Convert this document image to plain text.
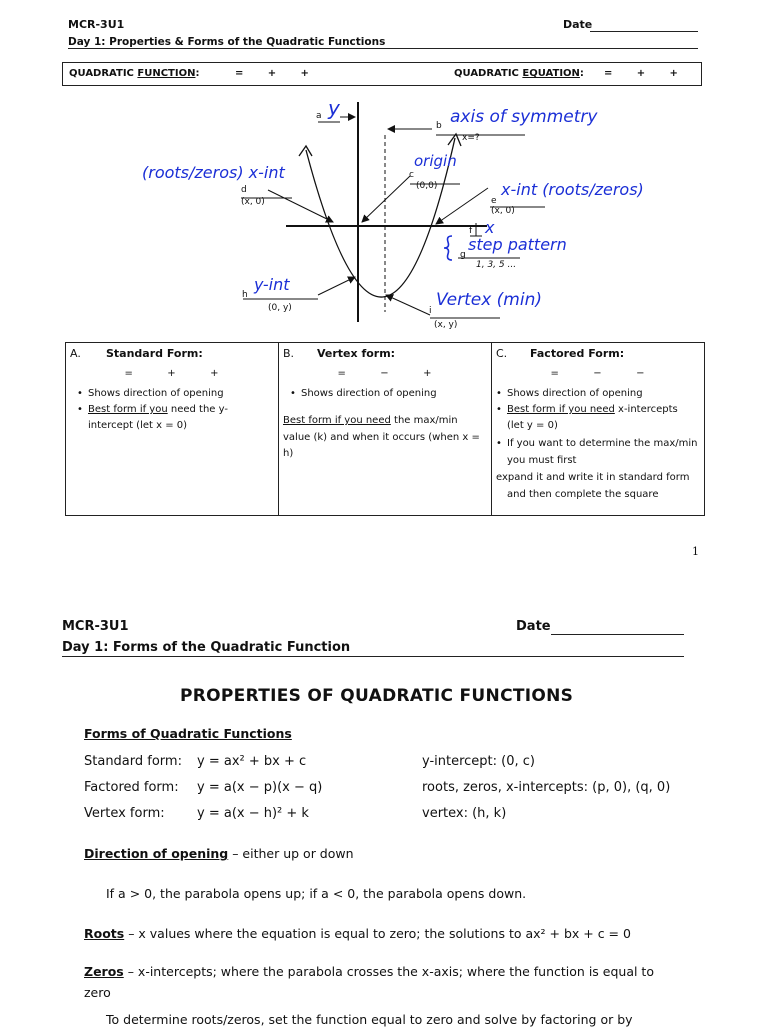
MCR-3U1	Date
Day 1: Properties & Forms of the Quadratic Functions
QUADRATIC FUNCTION:	=       +       +	QUADRATIC EQUATION: =       +       +
a y
b axis of symmetry
x=?
c
origin
(0,0)
(roots/zeros) x-int
d
(x, 0)
x-int (roots/zeros)
e
(x, 0)
f x
g
step pattern
1, 3, 5 ...
h
y-int
(0, y)	i
Vertex (min)
(x, y)
A. Standard Form:
=        +        +
• Shows direction of opening
• Best form if you need the y-
intercept (let x = 0)

B. Vertex form:
=        −        +
• Shows direction of opening
Best form if you need the max/min
value (k) and when it occurs (when x = h)

C. Factored Form:
=        −        −
• Shows direction of opening
• Best form if you need x-intercepts
(let y = 0)
• If you want to determine the max/min
you must first
expand it and write it in standard form
and then complete the square
1
MCR-3U1	Date
Day 1: Forms of the Quadratic Function
PROPERTIES OF QUADRATIC FUNCTIONS
Forms of Quadratic Functions
Standard form: y = ax² + bx + c	y-intercept: (0, c)
Factored form: y = a(x − p)(x − q)	roots, zeros, x-intercepts: (p, 0), (q, 0)
Vertex form: y = a(x − h)² + k	vertex: (h, k)
Direction of opening – either up or down
If a > 0, the parabola opens up; if a < 0, the parabola opens down.
Roots – x values where the equation is equal to zero; the solutions to ax² + bx + c = 0
Zeros – x-intercepts; where the parabola crosses the x-axis; where the function is equal to
zero
To determine roots/zeros, set the function equal to zero and solve by factoring or by
